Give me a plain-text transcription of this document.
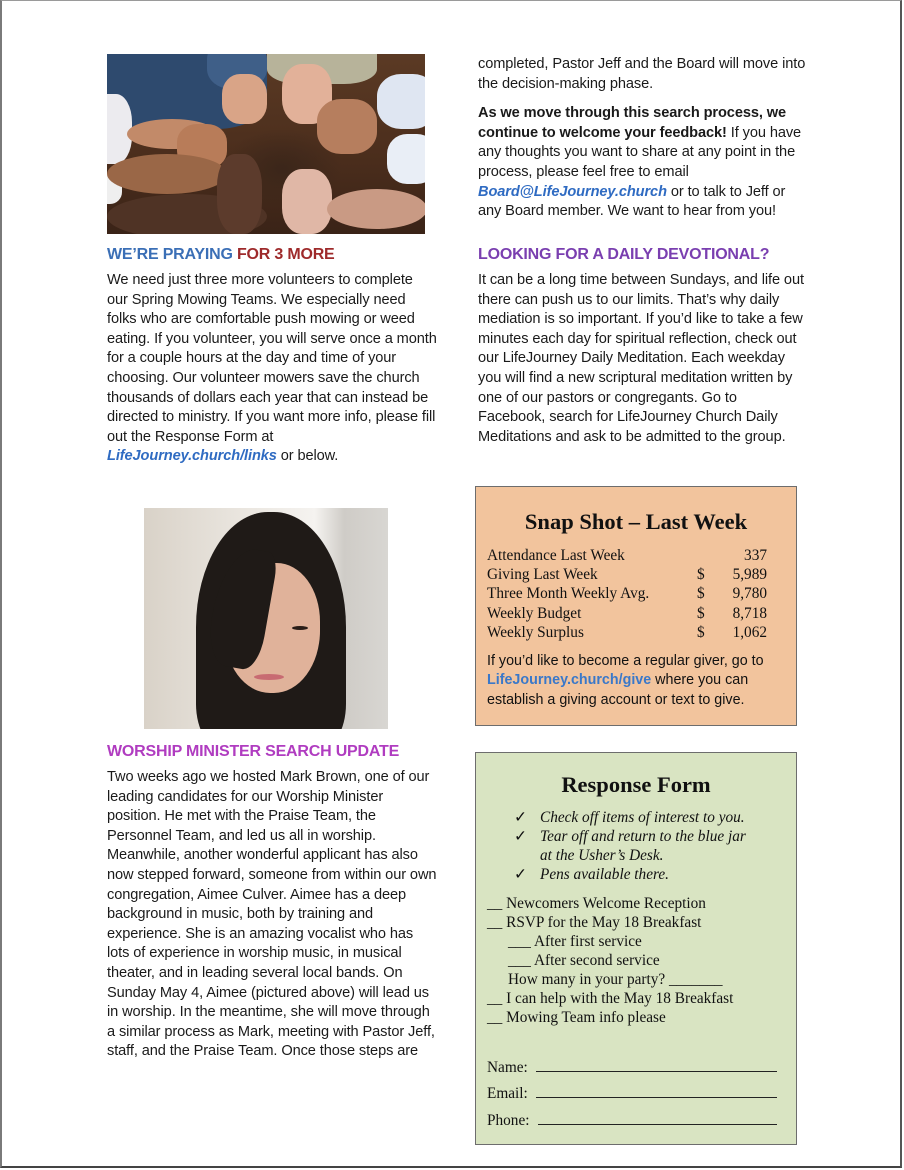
WE’RE PRAYING FOR 3 MORE

We need just three more volunteers to complete our Spring Mowing Teams. We especially need folks who are comfortable push mowing or weed eating. If you volunteer, you will serve once a month for a couple hours at the day and time of your choosing. Our volunteer mowers save the church thousands of dollars each year that can instead be directed to ministry. If you want more info, please fill out the Response Form at LifeJourney.church/links or below.

WORSHIP MINISTER SEARCH UPDATE

Two weeks ago we hosted Mark Brown, one of our leading candidates for our Worship Minister position. He met with the Praise Team, the Personnel Team, and led us all in worship. Meanwhile, another wonderful applicant has also now stepped forward, someone from within our own congregation, Aimee Culver. Aimee has a deep background in music, both by training and experience. She is an amazing vocalist who has lots of experience in worship music, in musical theater, and in leading several local bands. On Sunday May 4, Aimee (pictured above) will lead us in worship. In the meantime, she will move through a similar process as Mark, meeting with Pastor Jeff, staff, and the Praise Team. Once those steps are

completed, Pastor Jeff and the Board will move into the decision-making phase.

As we move through this search process, we continue to welcome your feedback! If you have any thoughts you want to share at any point in the process, please feel free to email Board@LifeJourney.church or to talk to Jeff or any Board member. We want to hear from you!

LOOKING FOR A DAILY DEVOTIONAL?

It can be a long time between Sundays, and life out there can push us to our limits. That’s why daily mediation is so important. If you’d like to take a few minutes each day for spiritual reflection, check out our LifeJourney Daily Meditation. Each weekday you will find a new scriptural meditation written by one of our pastors or congregants. Go to Facebook, search for LifeJourney Church Daily Meditations and ask to be admitted to the group.

Snap Shot – Last Week
Attendance Last Week	337
Giving Last Week	$	5,989
Three Month Weekly Avg.	$	9,780
Weekly Budget	$	8,718
Weekly Surplus	$	1,062
If you’d like to become a regular giver, go to LifeJourney.church/give where you can establish a giving account or text to give.
Response Form
✓ Check off items of interest to you.
✓ Tear off and return to the blue jar at the Usher’s Desk.
✓ Pens available there.
__ Newcomers Welcome Reception
__ RSVP for the May 18 Breakfast
___ After first service
___ After second service
How many in your party? _______
__ I can help with the May 18 Breakfast
__ Mowing Team info please
Name:
Email:
Phone:
